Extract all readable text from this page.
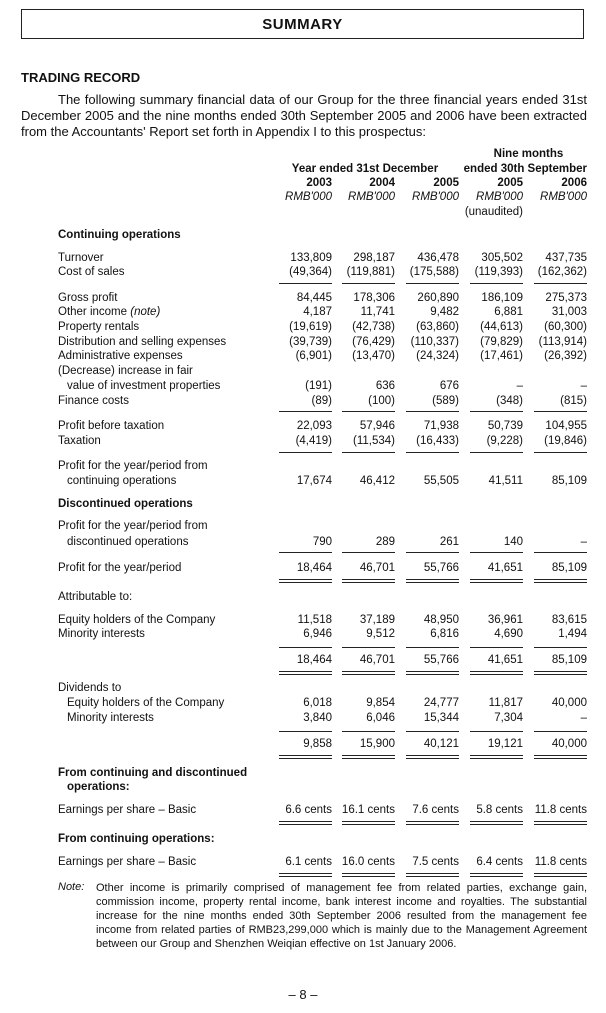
SUMMARY
TRADING RECORD
The following summary financial data of our Group for the three financial years ended 31st December 2005 and the nine months ended 30th September 2005 and 2006 have been extracted from the Accountants' Report set forth in Appendix I to this prospectus:
Nine months
Year ended 31st December	ended 30th September
2003	2004	2005	2005	2006
RMB'000	RMB'000	RMB'000	RMB'000	RMB'000
(unaudited)
Continuing operations
Turnover	133,809	298,187	436,478	305,502	437,735
Cost of sales	(49,364)	(119,881)	(175,588)	(119,393)	(162,362)
Gross profit	84,445	178,306	260,890	186,109	275,373
Other income (note)	4,187	11,741	9,482	6,881	31,003
Property rentals	(19,619)	(42,738)	(63,860)	(44,613)	(60,300)
Distribution and selling expenses	(39,739)	(76,429)	(110,337)	(79,829)	(113,914)
Administrative expenses	(6,901)	(13,470)	(24,324)	(17,461)	(26,392)
(Decrease) increase in fair
value of investment properties	(191)	636	676	–	–
Finance costs	(89)	(100)	(589)	(348)	(815)
Profit before taxation	22,093	57,946	71,938	50,739	104,955
Taxation	(4,419)	(11,534)	(16,433)	(9,228)	(19,846)
Profit for the year/period from
continuing operations	17,674	46,412	55,505	41,511	85,109
Discontinued operations
Profit for the year/period from
discontinued operations	790	289	261	140	–
Profit for the year/period	18,464	46,701	55,766	41,651	85,109
Attributable to:
Equity holders of the Company	11,518	37,189	48,950	36,961	83,615
Minority interests	6,946	9,512	6,816	4,690	1,494
18,464	46,701	55,766	41,651	85,109
Dividends to
Equity holders of the Company	6,018	9,854	24,777	11,817	40,000
Minority interests	3,840	6,046	15,344	7,304	–
9,858	15,900	40,121	19,121	40,000
From continuing and discontinued
operations:
Earnings per share – Basic	6.6 cents 16.1 cents	7.6 cents	5.8 cents	11.8 cents
From continuing operations:
Earnings per share – Basic	6.1 cents 16.0 cents	7.5 cents	6.4 cents	11.8 cents
Note: Other income is primarily comprised of management fee from related parties, exchange gain, commission income, property rental income, bank interest income and royalties. The substantial increase for the nine months ended 30th September 2006 resulted from the management fee income from related parties of RMB23,299,000 which is mainly due to the Management Agreement between our Group and Shenzhen Weiqian effective on 1st January 2006.
– 8 –
